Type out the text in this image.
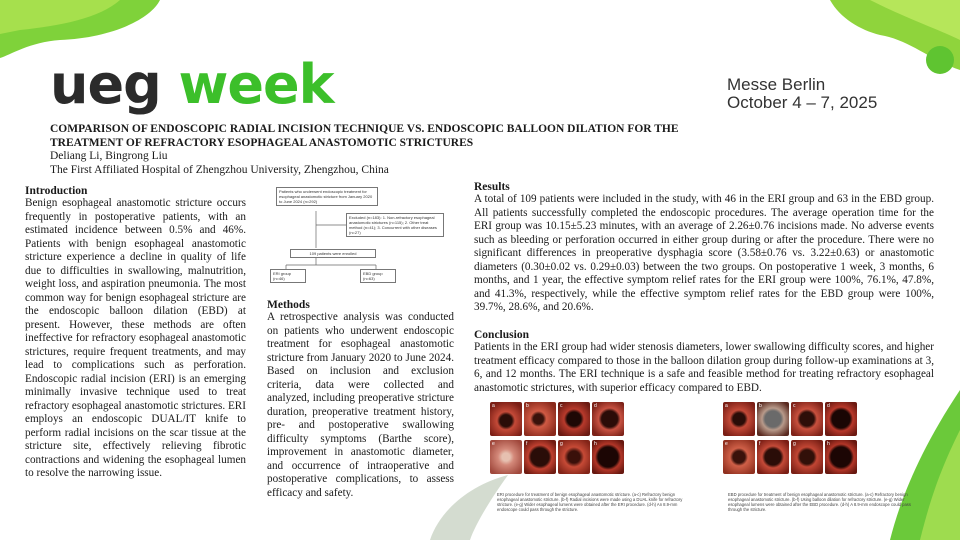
ueg week	Messe Berlin
October 4 – 7, 2025
COMPARISON OF ENDOSCOPIC RADIAL INCISION TECHNIQUE VS. ENDOSCOPIC BALLOON DILATION FOR THE TREATMENT OF REFRACTORY ESOPHAGEAL ANASTOMOTIC STRICTURES
Deliang Li, Bingrong Liu
The First Affiliated Hospital of Zhengzhou University, Zhengzhou, China
Introduction

Benign esophageal anastomotic stricture occurs frequently in postoperative patients, with an estimated incidence between 0.5% and 46%. Patients with benign esophageal anastomotic stricture experience a decline in quality of life due to difficulties in swallowing, malnutrition, weight loss, and aspiration pneumonia. The most common way for benign esophageal stricture are the endoscopic balloon dilation (EBD) at present. However, these methods are often ineffective for refractory esophageal anastomotic strictures, require frequent treatments, and may lead to complications such as perforation. Endoscopic radial incision (ERI) is an emerging minimally invasive technique used to treat refractory esophageal anastomotic strictures. ERI employs an endoscopic DUAL/IT knife to perform radial incisions on the scar tissue at the stricture site, effectively relieving fibrotic contractions and widening the esophageal lumen to resolve the narrowing issue.

Patients who underwent endoscopic treatment for esophageal anastomotic stricture from January 2020 to June 2024 (n=292)
Excluded (n=183): 1. Non-refractory esophageal anastomotic strictures (n=115); 2. Other treat method (n=41); 3. Concurrent with other diseases (n=27)
109 patients were enrolled
ERI group (n=46)
EBD group (n=63)
Methods

A retrospective analysis was conducted on patients who underwent endoscopic treatment for esophageal anastomotic stricture from January 2020 to June 2024. Based on inclusion and exclusion criteria, data were collected and analyzed, including preoperative stricture duration, preoperative treatment history, pre- and postoperative swallowing difficulty symptoms (Barthe score), improvement in anastomotic diameter, and occurrence of intraoperative and postoperative complications, to assess efficacy and safety.

Results

A total of 109 patients were included in the study, with 46 in the ERI group and 63 in the EBD group. All patients successfully completed the endoscopic procedures. The average operation time for the ERI group was 10.15±5.23 minutes, with an average of 2.26±0.76 incisions made. No adverse events such as bleeding or perforation occurred in either group during or after the procedure. There were no significant differences in preoperative dysphagia score (3.58±0.76 vs. 3.22±0.63) or anastomotic diameters (0.30±0.02 vs. 0.29±0.03) between the two groups. On postoperative 1 week, 3 months, 6 months, and 1 year, the effective symptom relief rates for the ERI group were 100%, 76.1%, 47.8%, and 41.3%, respectively, while the effective symptom relief rates for the EBD group were 100%, 39.7%, 28.6%, and 20.6%.

Conclusion

Patients in the ERI group had wider stenosis diameters, lower swallowing difficulty scores, and higher treatment efficacy compared to those in the balloon dilation group during follow-up examinations at 3, 6, and 12 months. The ERI technique is a safe and feasible method for treating refractory esophageal anastomotic strictures, with superior efficacy compared to EBD.

a	b	c	d
e	f	g	h
ERI procedure for treatment of benign esophageal anastomotic stricture. (a-c) Refractory benign esophageal anastomotic stricture. (b-f) Radial incisions were made using a DUAL knife for refractory stricture. (e-g) Wider esophageal lumens were obtained after the ERI procedure. (d-h) An 8.9-mm endoscope could pass through the stricture.
a	b	c	d
e	f	g	h
EBD procedure for treatment of benign esophageal anastomotic stricture. (a-c) Refractory benign esophageal anastomotic stricture. (b-f) Using balloon dilation for refractory stricture. (e-g) Wider esophageal lumens were obtained after the EBD procedure. (d-h) A 8.9-mm endoscope could pass through the stricture.
